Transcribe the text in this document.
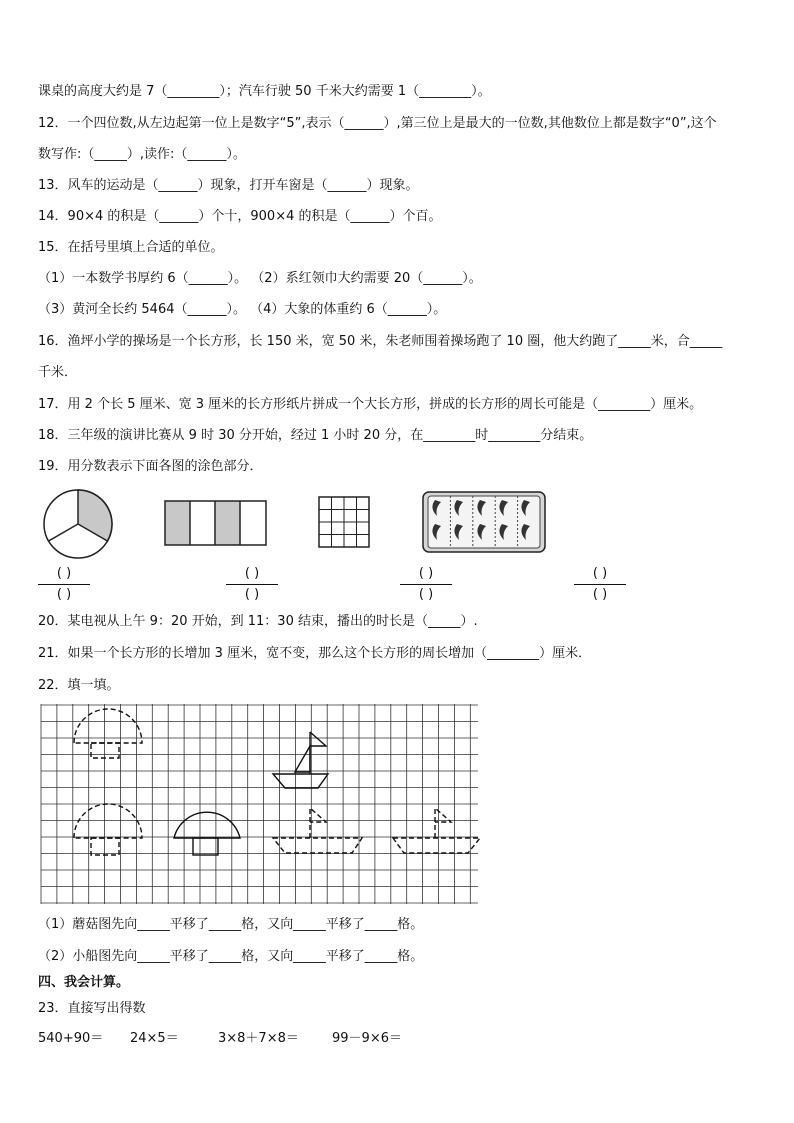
课桌的高度大约是 7（________）；汽车行驶 50 千米大约需要 1（________）。
12．一个四位数,从左边起第一位上是数字“5”,表示（______）,第三位上是最大的一位数,其他数位上都是数字“0”,这个
数写作:（_____）,读作:（______）。
13．风车的运动是（______）现象，打开车窗是（______）现象。
14．90×4 的积是（______）个十，900×4 的积是（______）个百。
15．在括号里填上合适的单位。
（1）一本数学书厚约 6（______）。 （2）系红领巾大约需要 20（______）。
（3）黄河全长约 5464（______）。 （4）大象的体重约 6（______）。
16．渔坪小学的操场是一个长方形，长 150 米，宽 50 米，朱老师围着操场跑了 10 圈，他大约跑了_____米，合_____
千米．
17．用 2 个长 5 厘米、宽 3 厘米的长方形纸片拼成一个大长方形，拼成的长方形的周长可能是（________）厘米。
18．三年级的演讲比赛从 9 时 30 分开始，经过 1 小时 20 分，在________时________分结束。
19．用分数表示下面各图的涂色部分．
( )
( )
( )
( )
( )
( )
( )
( )
20．某电视从上午 9：20 开始，到 11：30 结束，播出的时长是（_____）.
21．如果一个长方形的长增加 3 厘米，宽不变，那么这个长方形的周长增加（________）厘米．
22．填一填。
（1）蘑菇图先向_____平移了_____格，又向_____平移了_____格。
（2）小船图先向_____平移了_____格，又向_____平移了_____格。
四、我会计算。
23．直接写出得数
540+90＝ 24×5＝	3×8＋7×8＝	99－9×6＝
